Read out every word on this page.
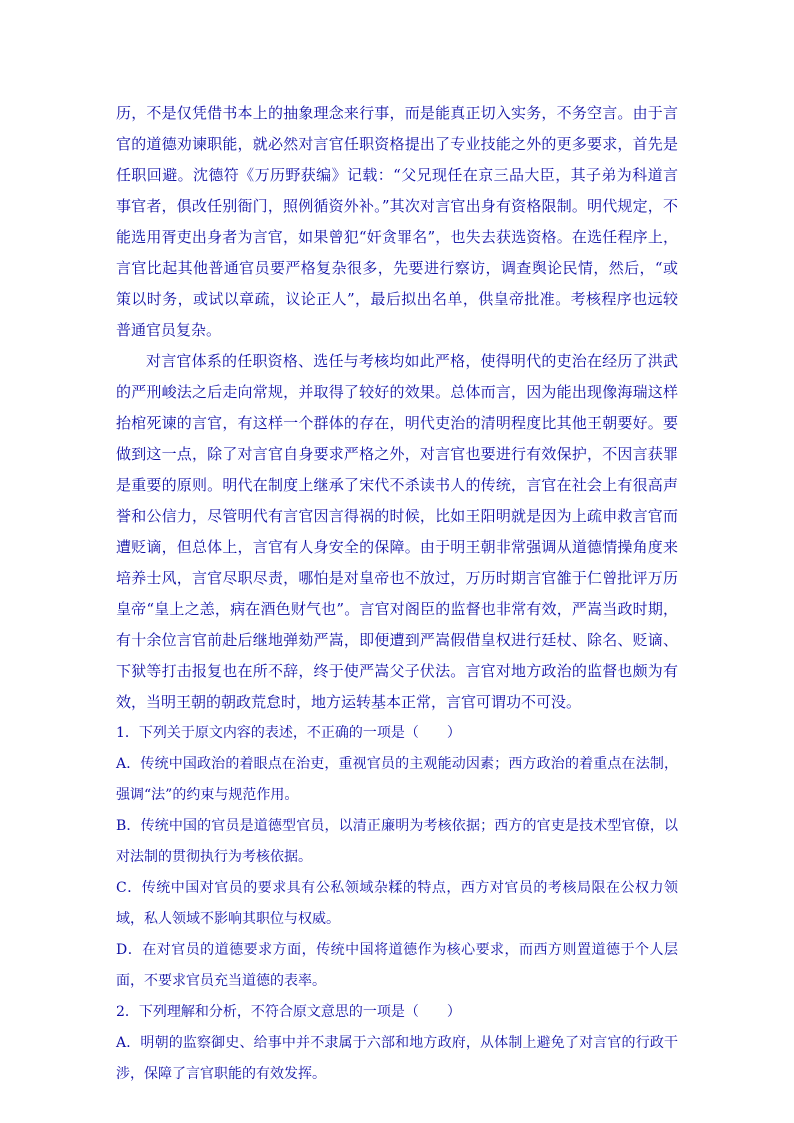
历，不是仅凭借书本上的抽象理念来行事，而是能真正切入实务，不务空言。由于言官的道德劝谏职能，就必然对言官任职资格提出了专业技能之外的更多要求，首先是任职回避。沈德符《万历野获编》记载：“父兄现任在京三品大臣，其子弟为科道言事官者，俱改任别衙门，照例循资外补。”其次对言官出身有资格限制。明代规定，不能选用胥吏出身者为言官，如果曾犯“奸贪罪名”，也失去获选资格。在选任程序上，言官比起其他普通官员要严格复杂很多，先要进行察访，调查舆论民情，然后，“或策以时务，或试以章疏，议论正人”，最后拟出名单，供皇帝批准。考核程序也远较普通官员复杂。

对言官体系的任职资格、选任与考核均如此严格，使得明代的吏治在经历了洪武的严刑峻法之后走向常规，并取得了较好的效果。总体而言，因为能出现像海瑞这样抬棺死谏的言官，有这样一个群体的存在，明代吏治的清明程度比其他王朝要好。要做到这一点，除了对言官自身要求严格之外，对言官也要进行有效保护，不因言获罪是重要的原则。明代在制度上继承了宋代不杀读书人的传统，言官在社会上有很高声誉和公信力，尽管明代有言官因言得祸的时候，比如王阳明就是因为上疏申救言官而遭贬谪，但总体上，言官有人身安全的保障。由于明王朝非常强调从道德情操角度来培养士风，言官尽职尽责，哪怕是对皇帝也不放过，万历时期言官雒于仁曾批评万历皇帝“皇上之恙，病在酒色财气也”。言官对阁臣的监督也非常有效，严嵩当政时期，有十余位言官前赴后继地弹劾严嵩，即便遭到严嵩假借皇权进行廷杖、除名、贬谪、下狱等打击报复也在所不辞，终于使严嵩父子伏法。言官对地方政治的监督也颇为有效，当明王朝的朝政荒怠时，地方运转基本正常，言官可谓功不可没。

1．下列关于原文内容的表述，不正确的一项是（　　）

A．传统中国政治的着眼点在治吏，重视官员的主观能动因素；西方政治的着重点在法制，强调“法”的约束与规范作用。

B．传统中国的官员是道德型官员，以清正廉明为考核依据；西方的官吏是技术型官僚，以对法制的贯彻执行为考核依据。

C．传统中国对官员的要求具有公私领域杂糅的特点，西方对官员的考核局限在公权力领域，私人领域不影响其职位与权威。

D．在对官员的道德要求方面，传统中国将道德作为核心要求，而西方则置道德于个人层面，不要求官员充当道德的表率。

2．下列理解和分析，不符合原文意思的一项是（　　）

A．明朝的监察御史、给事中并不隶属于六部和地方政府，从体制上避免了对言官的行政干涉，保障了言官职能的有效发挥。
